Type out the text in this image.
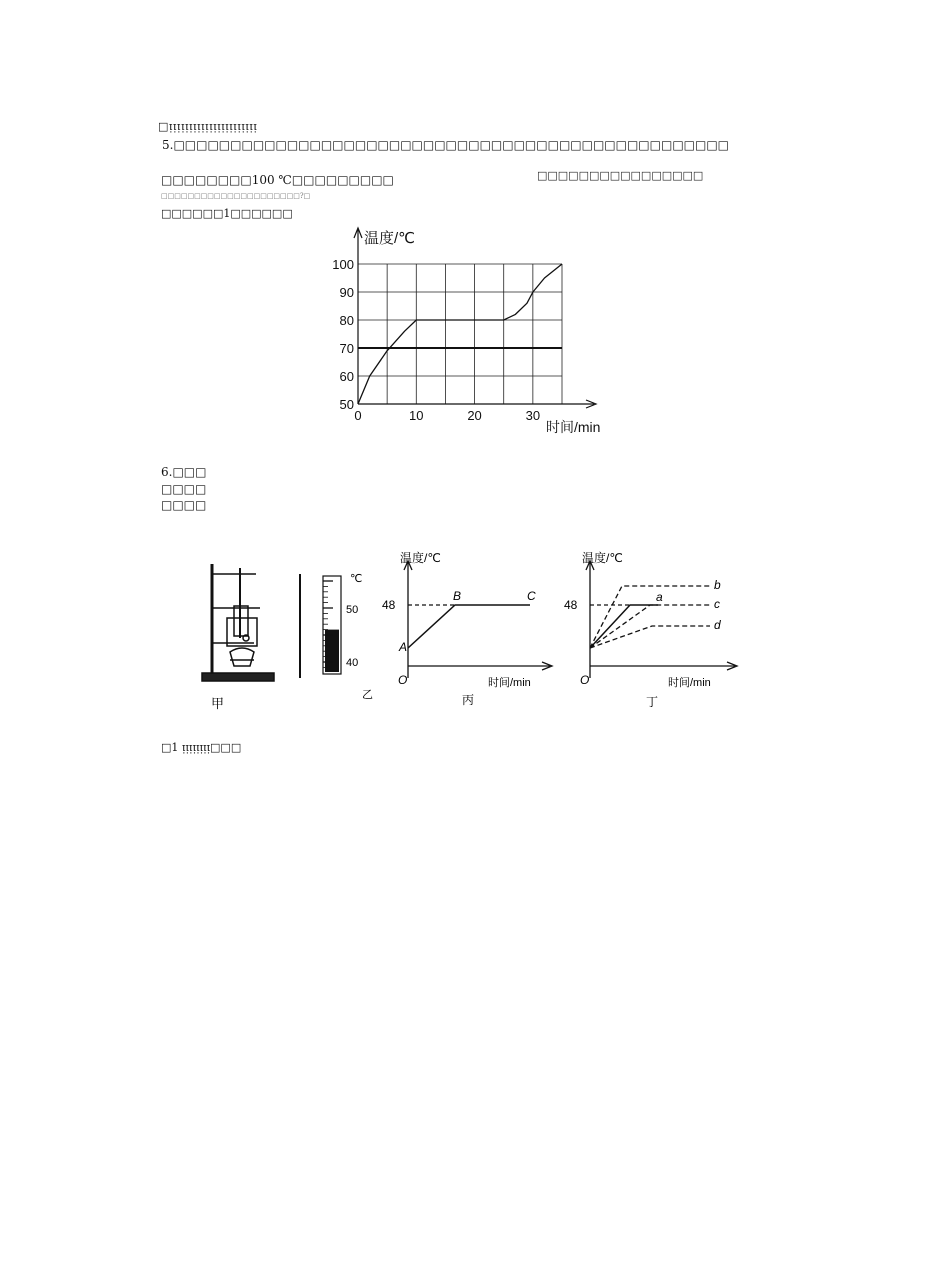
□ᴉᴉᴉᴉᴉᴉᴉᴉᴉᴉᴉᴉᴉᴉᴉᴉᴉᴉᴉᴉᴉᴉ
5.□□□□□□□□□□□□□□□□□□□□□□□□□□□□□□□□□□□□□□□□□□□□□□□□□
□□□□□□□□100 ℃□□□□□□□□□	□□□□□□□□□□□□□□□□
□□□□□□□□□□□□□□□□□□□□□?□
□□□□□□1□□□□□□
50
60
70
80
90
100
0	10	20	30
温度/℃
时间/min
6.□□□
□□□□
□□□□
甲
℃
50
40
乙
温度/℃
48
A
B	C
O	时间/min
丙
温度/℃
48
a
b
c
d
O	时间/min
丁
□1 ᴉᴉᴉᴉᴉᴉᴉᴉ□□□
